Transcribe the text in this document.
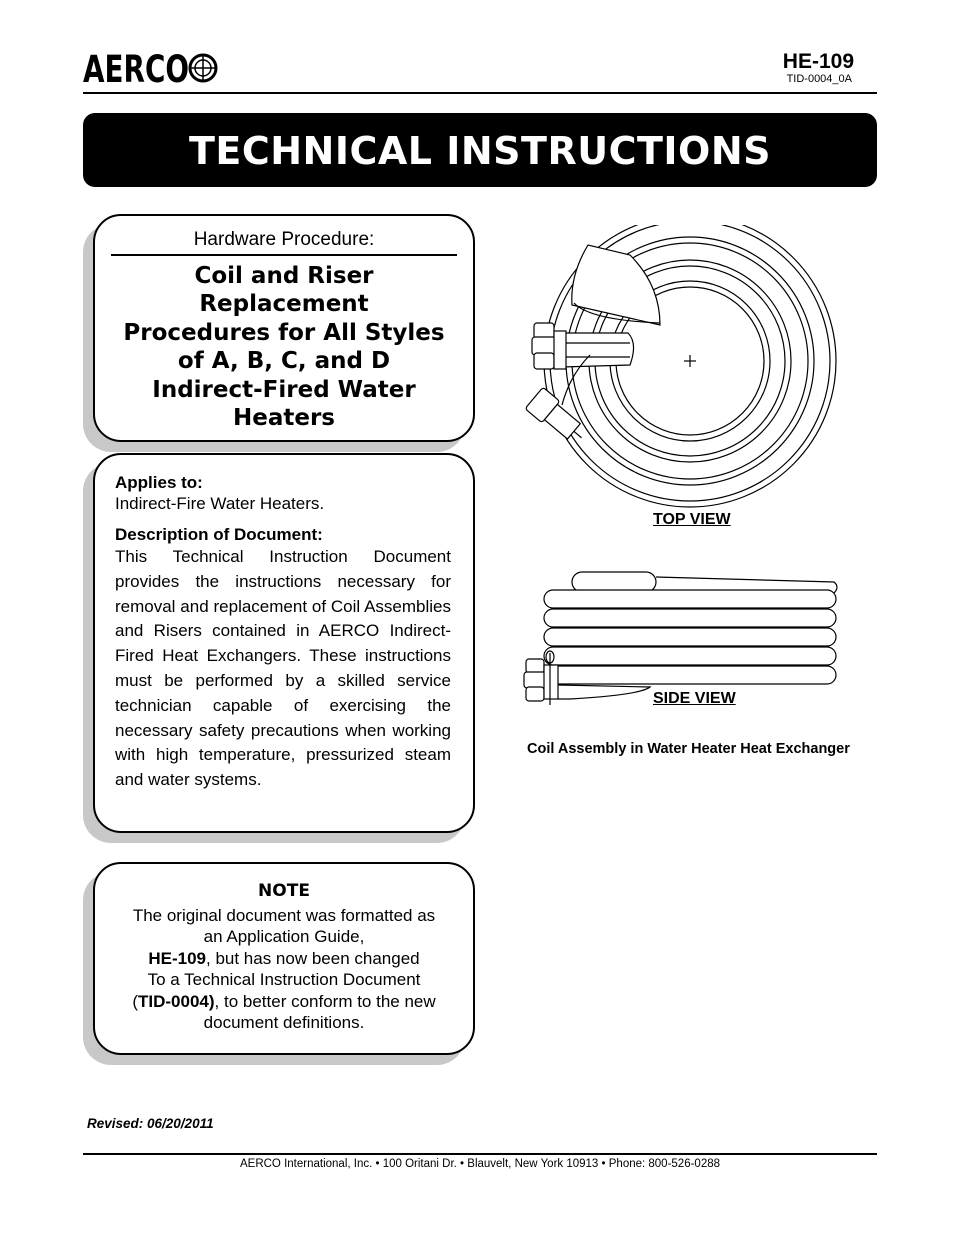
AERCO	HE-109
TID-0004_0A
TECHNICAL INSTRUCTIONS
Hardware Procedure:
Coil and Riser
Replacement
Procedures for All Styles
of A, B, C, and D
Indirect-Fired Water
Heaters
Applies to:
Indirect-Fire Water Heaters.
Description of Document:
This Technical Instruction Document provides the instructions necessary for removal and replacement of Coil Assemblies and Risers contained in AERCO Indirect-Fired Heat Exchangers. These instructions must be performed by a skilled service technician capable of exercising the necessary safety precautions when working with high temperature, pressurized steam and water systems.
NOTE
The original document was formatted as
an Application Guide,
HE-109, but has now been changed
To a Technical Instruction Document
(TID-0004), to better conform to the new
document definitions.
TOP VIEW
SIDE VIEW
Coil Assembly in Water Heater Heat Exchanger
Revised: 06/20/2011
AERCO International, Inc. • 100 Oritani Dr. • Blauvelt, New York 10913 • Phone: 800-526-0288
